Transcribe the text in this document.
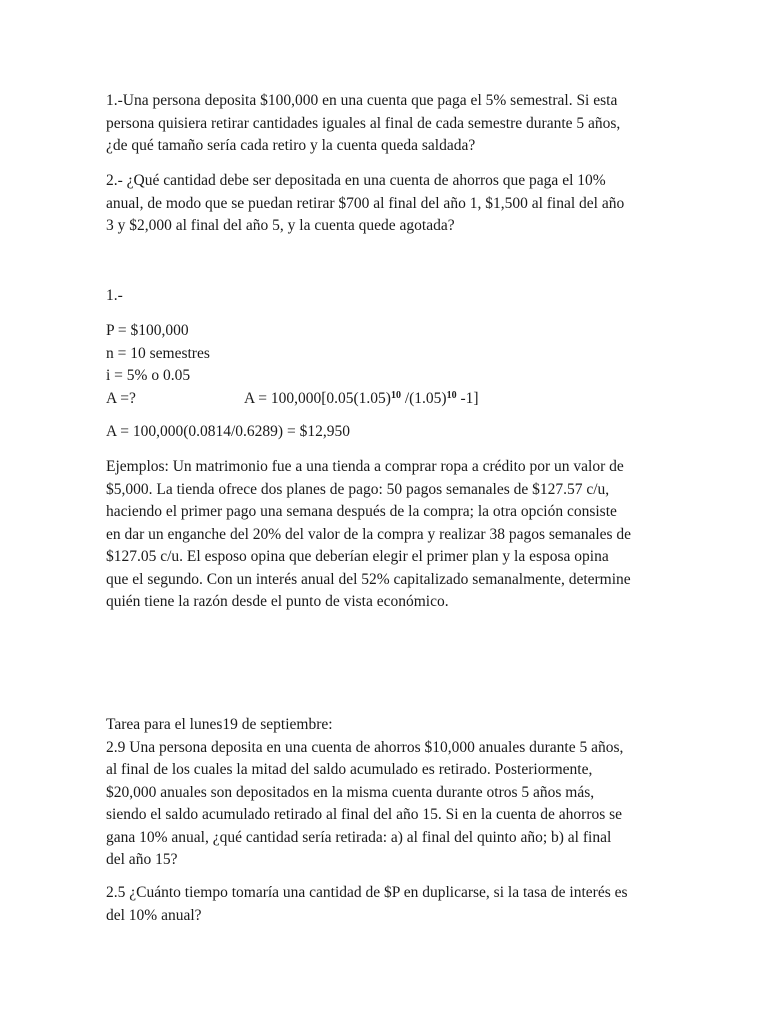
1.-Una persona deposita $100,000 en una cuenta que paga el 5% semestral. Si esta
persona quisiera retirar cantidades iguales al final de cada semestre durante 5 años,
¿de qué tamaño sería cada retiro y la cuenta queda saldada?
2.- ¿Qué cantidad debe ser depositada en una cuenta de ahorros que paga el 10%
anual, de modo que se puedan retirar $700 al final del año 1, $1,500 al final del año
3 y $2,000 al final del año 5, y la cuenta quede agotada?
1.-
P = $100,000
n = 10 semestres
i = 5% o 0.05
A =?	$A = 100,000[0.05(1.05)^{10}$ $/(1.05)^{10}$ -1]
A = 100,000(0.0814/0.6289) = $12,950
Ejemplos: Un matrimonio fue a una tienda a comprar ropa a crédito por un valor de
$5,000. La tienda ofrece dos planes de pago: 50 pagos semanales de $127.57 c/u,
haciendo el primer pago una semana después de la compra; la otra opción consiste
en dar un enganche del 20% del valor de la compra y realizar 38 pagos semanales de
$127.05 c/u. El esposo opina que deberían elegir el primer plan y la esposa opina
que el segundo. Con un interés anual del 52% capitalizado semanalmente, determine
quién tiene la razón desde el punto de vista económico.
Tarea para el lunes19 de septiembre:
2.9 Una persona deposita en una cuenta de ahorros $10,000 anuales durante 5 años,
al final de los cuales la mitad del saldo acumulado es retirado. Posteriormente,
$20,000 anuales son depositados en la misma cuenta durante otros 5 años más,
siendo el saldo acumulado retirado al final del año 15. Si en la cuenta de ahorros se
gana 10% anual, ¿qué cantidad sería retirada: a) al final del quinto año; b) al final
del año 15?
2.5 ¿Cuánto tiempo tomaría una cantidad de $P en duplicarse, si la tasa de interés es
del 10% anual?
